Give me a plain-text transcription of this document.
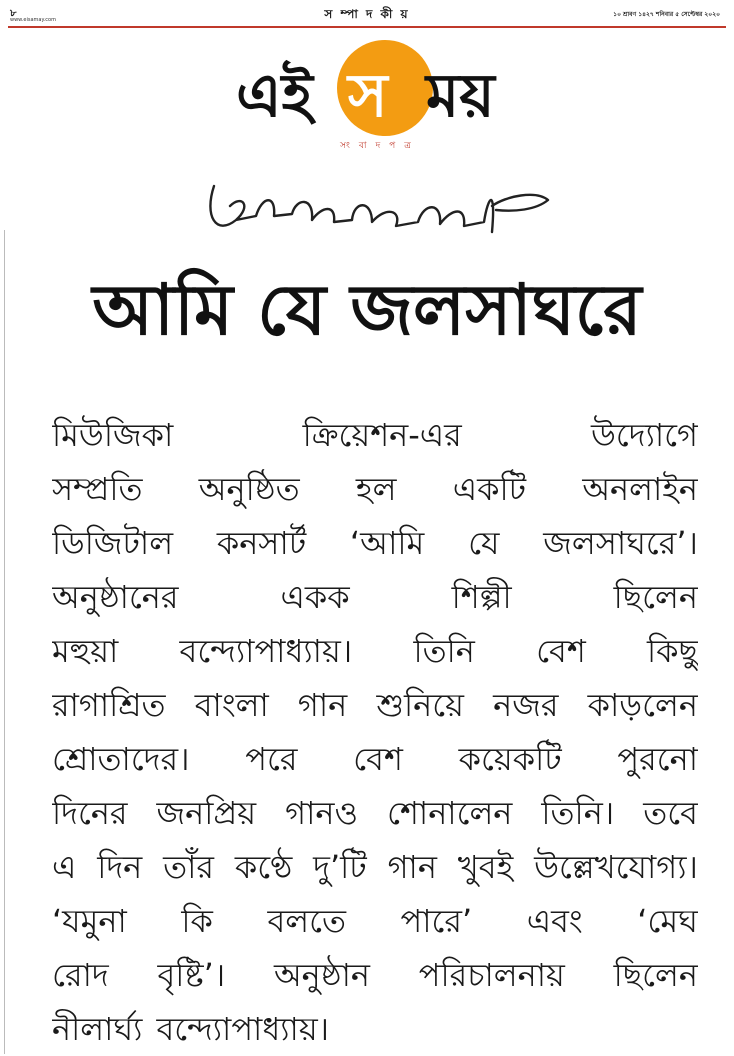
৮
www.eisamay.com	স ম্পা দ কী য়	১০ শ্রাবণ ১৪২৭ শনিবার ৫ সেপ্টেম্বর ২০২০
এই স ময়
সংবাদপত্র
আমি যে জলসাঘরে
মিউজিকা	ক্রিয়েশন-এর	উদ্যোগে
সম্প্রতি অনুষ্ঠিত হল একটি অনলাইন
ডিজিটাল কনসার্ট ‘আমি যে জলসাঘরে’।
অনুষ্ঠানের	একক	শিল্পী	ছিলেন
মহুয়া বন্দ্যোপাধ্যায়। তিনি বেশ কিছু
রাগাশ্রিত বাংলা গান শুনিয়ে নজর কাড়লেন
শ্রোতাদের। পরে বেশ কয়েকটি পুরনো
দিনের জনপ্রিয় গানও শোনালেন তিনি। তবে
এ দিন তাঁর কণ্ঠে দু’টি গান খুবই উল্লেখযোগ্য।
‘যমুনা কি বলতে পারে’ এবং ‘মেঘ
রোদ বৃষ্টি’। অনুষ্ঠান পরিচালনায় ছিলেন
নীলার্ঘ্য বন্দ্যোপাধ্যায়।
